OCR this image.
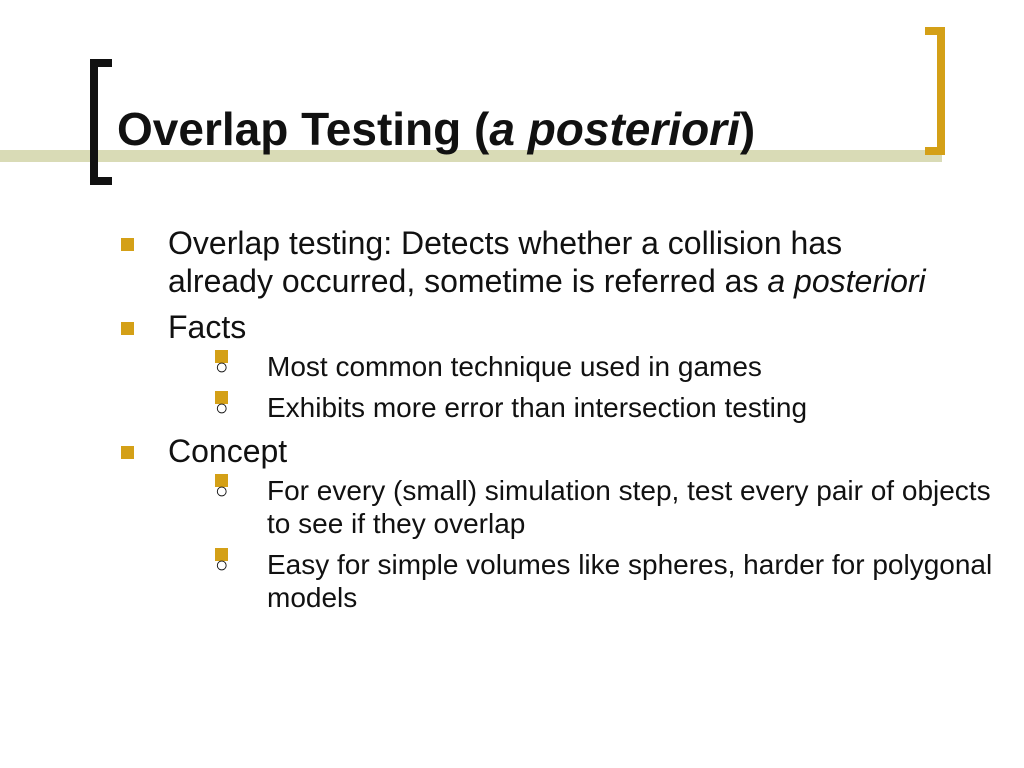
Overlap Testing (a posteriori)
Overlap testing: Detects whether a collision has already occurred, sometime is referred as a posteriori
Facts
○ Most common technique used in games
○ Exhibits more error than intersection testing
Concept
○ For every (small) simulation step, test every pair of objects to see if they overlap
○ Easy for simple volumes like spheres, harder for polygonal models
